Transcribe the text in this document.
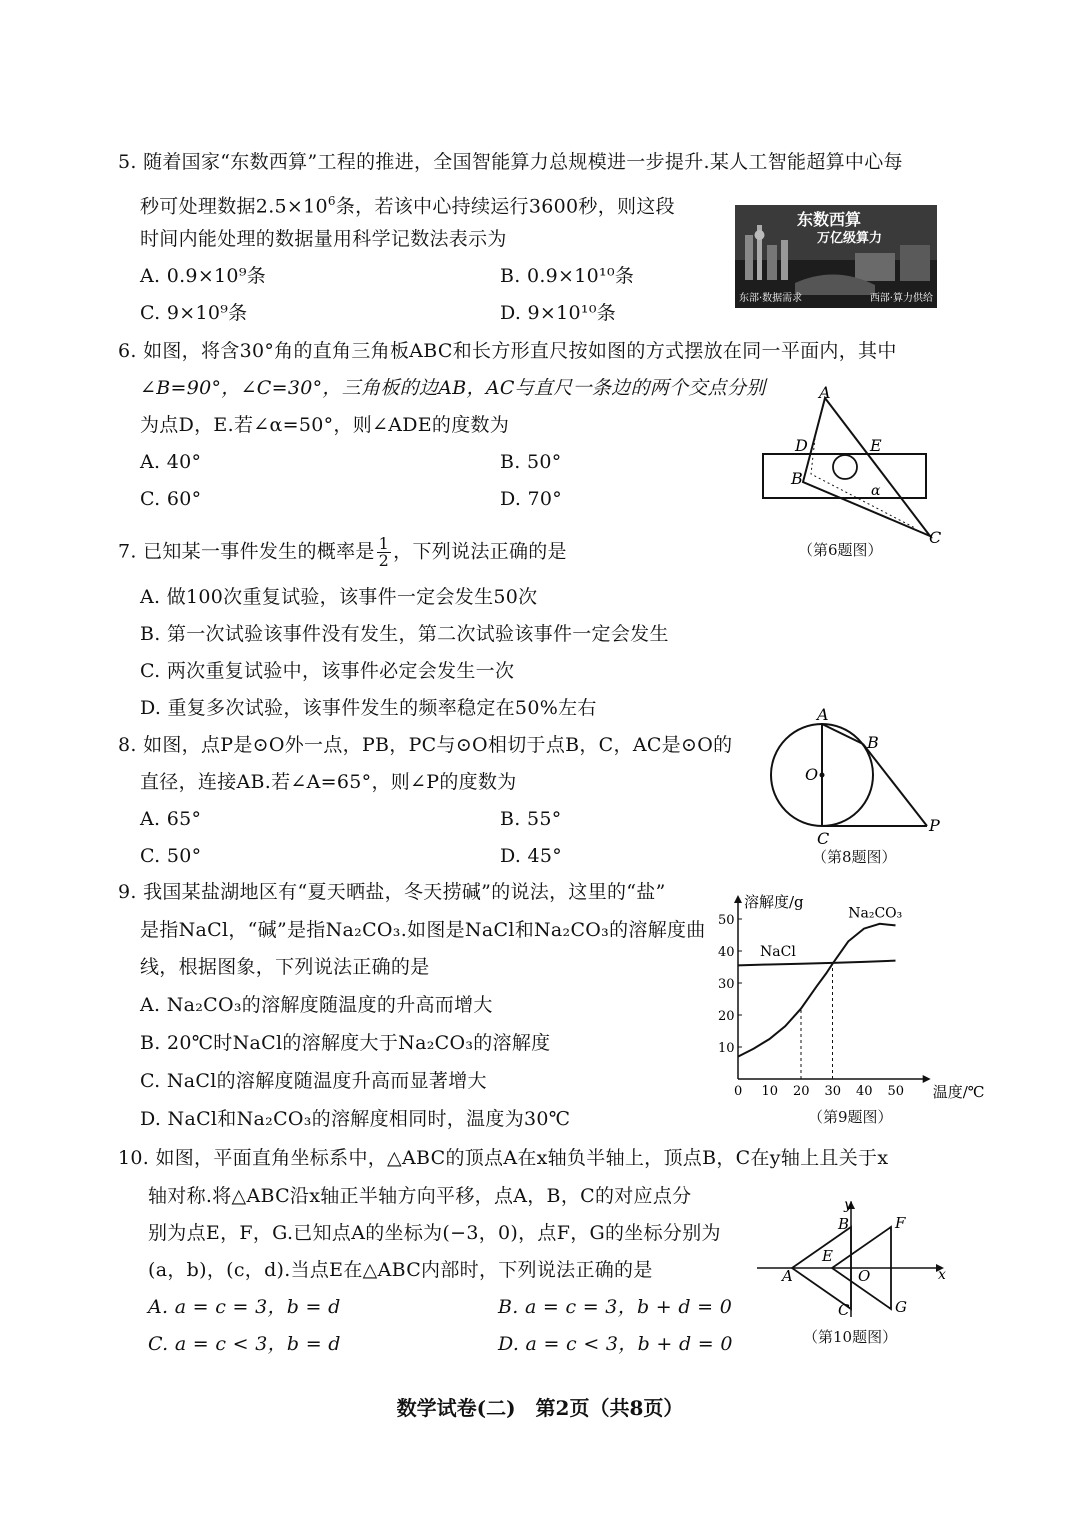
5. 随着国家“东数西算”工程的推进，全国智能算力总规模进一步提升.某人工智能超算中心每
秒可处理数据$2.5\times 10^6$条，若该中心持续运行3600秒，则这段
时间内能处理的数据量用科学记数法表示为
A. 0.9×10⁹条	B. 0.9×10¹⁰条
C. 9×10⁹条	D. 9×10¹⁰条
东数西算
万亿级算力
东部·数据需求	西部·算力供给
6. 如图，将含30°角的直角三角板ABC和长方形直尺按如图的方式摆放在同一平面内，其中
∠B=90°，∠C=30°，三角板的边AB，AC与直尺一条边的两个交点分别
为点D，E.若∠α=50°，则∠ADE的度数为
A. 40°	B. 50°
C. 60°	D. 70°
A
B
C
D	E
α
（第6题图）
7. 已知某一事件发生的概率是 $\frac{1}{2}$ ，下列说法正确的是
A. 做100次重复试验，该事件一定会发生50次
B. 第一次试验该事件没有发生，第二次试验该事件一定会发生
C. 两次重复试验中，该事件必定会发生一次
D. 重复多次试验，该事件发生的频率稳定在50%左右
8. 如图，点P是⊙O外一点，PB，PC与⊙O相切于点B，C，AC是⊙O的
直径，连接AB.若∠A=65°，则∠P的度数为
A. 65°	B. 55°
C. 50°	D. 45°
A
B
C
O
P
（第8题图）
9. 我国某盐湖地区有“夏天晒盐，冬天捞碱”的说法，这里的“盐”
是指NaCl，“碱”是指Na₂CO₃.如图是NaCl和Na₂CO₃的溶解度曲
线，根据图象，下列说法正确的是
A. Na₂CO₃的溶解度随温度的升高而增大
B. 20℃时NaCl的溶解度大于Na₂CO₃的溶解度
C. NaCl的溶解度随温度升高而显著增大
D. NaCl和Na₂CO₃的溶解度相同时，温度为30℃
0 10 20 30 40 50
10
20
30
40
50
溶解度/g
温度/℃
NaCl
Na₂CO₃
（第9题图）
10. 如图，平面直角坐标系中，△ABC的顶点A在x轴负半轴上，顶点B，C在y轴上且关于x
轴对称.将△ABC沿x轴正半轴方向平移，点A，B，C的对应点分
别为点E，F，G.已知点A的坐标为(−3，0)，点F，G的坐标分别为
(a，b)，(c，d).当点E在△ABC内部时，下列说法正确的是
A. a = c = 3，b = d	B. a = c = 3，b + d = 0
C. a = c < 3，b = d	D. a = c < 3，b + d = 0
y
x
A
B
C
E
F
G
O
（第10题图）
数学试卷(二)　第2页（共8页）
